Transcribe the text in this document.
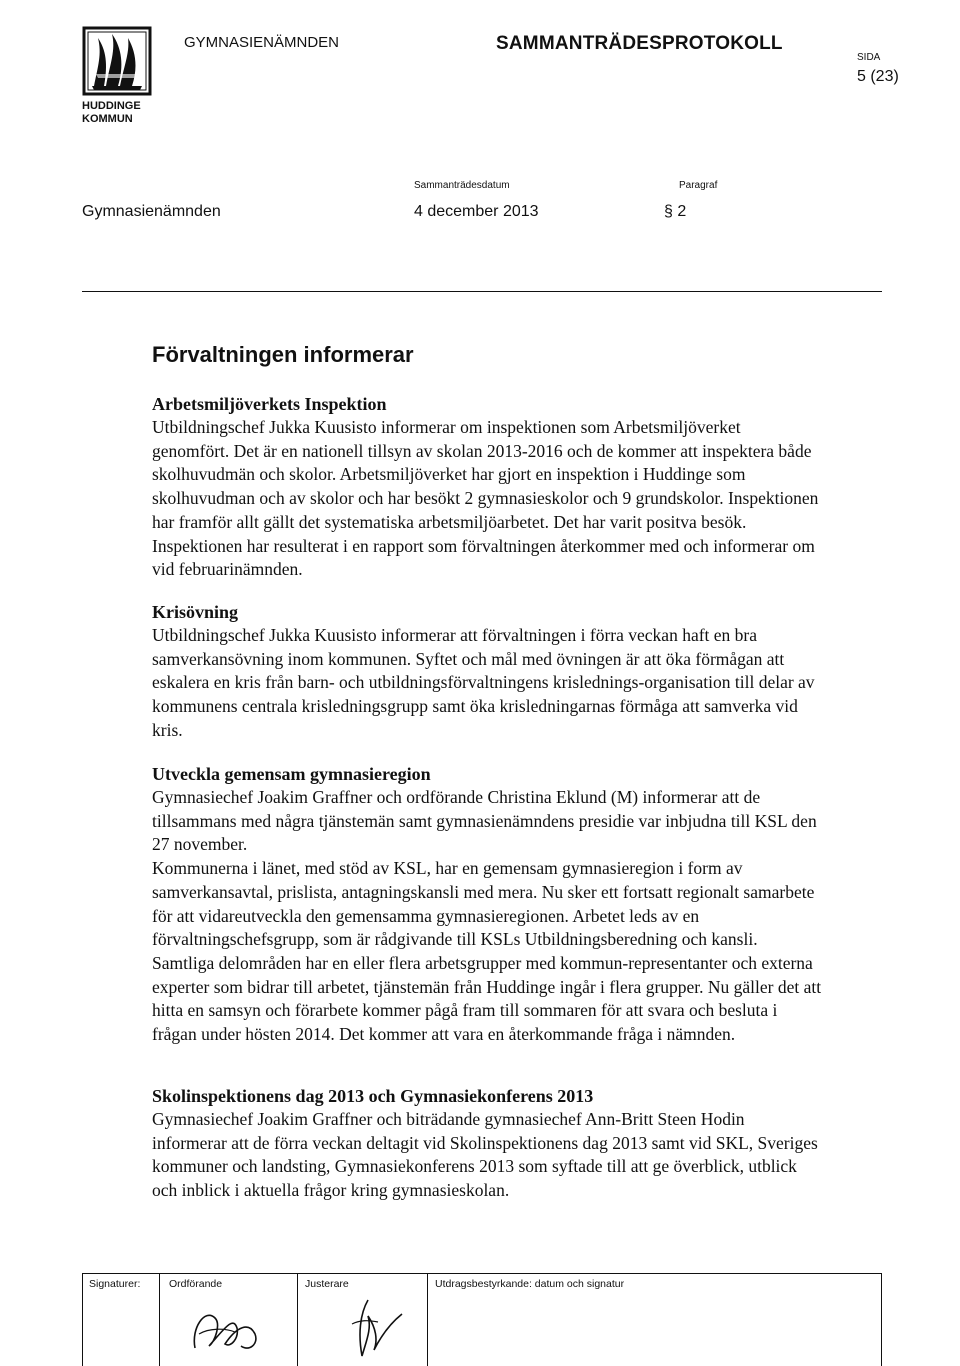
HUDDINGE
KOMMUN
GYMNASIENÄMNDEN	SAMMANTRÄDESPROTOKOLL
SIDA
5 (23)
Sammanträdesdatum	Paragraf
Gymnasienämnden	4 december 2013	§ 2
Förvaltningen informerar
Arbetsmiljöverkets Inspektion

Utbildningschef Jukka Kuusisto informerar om inspektionen som Arbetsmiljöverket genomfört. Det är en nationell tillsyn av skolan 2013-2016 och de kommer att inspektera både skolhuvudmän och skolor. Arbetsmiljöverket har gjort en inspektion i Huddinge som skolhuvudman och av skolor och har besökt 2 gymnasieskolor och 9 grundskolor. Inspektionen har framför allt gällt det systematiska arbetsmiljöarbetet. Det har varit positva besök. Inspektionen har resulterat i en rapport som förvaltningen återkommer med och informerar om vid februarinämnden.

Krisövning

Utbildningschef Jukka Kuusisto informerar att förvaltningen i förra veckan haft en bra samverkansövning inom kommunen. Syftet och mål med övningen är att öka förmågan att eskalera en kris från barn- och utbildningsförvaltningens krislednings-organisation till delar av kommunens centrala krisledningsgrupp samt öka krisledningarnas förmåga att samverka vid kris.

Utveckla gemensam gymnasieregion

Gymnasiechef Joakim Graffner och ordförande Christina Eklund (M) informerar att de tillsammans med några tjänstemän samt gymnasienämndens presidie var inbjudna till KSL den 27 november.

Kommunerna i länet, med stöd av KSL, har en gemensam gymnasieregion i form av samverkansavtal, prislista, antagningskansli med mera. Nu sker ett fortsatt regionalt samarbete för att vidareutveckla den gemensamma gymnasieregionen. Arbetet leds av en förvaltningschefsgrupp, som är rådgivande till KSLs Utbildningsberedning och kansli. Samtliga delområden har en eller flera arbetsgrupper med kommun-representanter och externa experter som bidrar till arbetet, tjänstemän från Huddinge ingår i flera grupper. Nu gäller det att hitta en samsyn och förarbete kommer pågå fram till sommaren för att svara och besluta i frågan under hösten 2014. Det kommer att vara en återkommande fråga i nämnden.

Skolinspektionens dag 2013 och Gymnasiekonferens 2013

Gymnasiechef Joakim Graffner och biträdande gymnasiechef Ann-Britt Steen Hodin informerar att de förra veckan deltagit vid Skolinspektionens dag 2013 samt vid SKL, Sveriges kommuner och landsting, Gymnasiekonferens 2013 som syftade till att ge överblick, utblick och inblick i aktuella frågor kring gymnasieskolan.

Signaturer:	Ordförande	Justerare	Utdragsbestyrkande: datum och signatur
